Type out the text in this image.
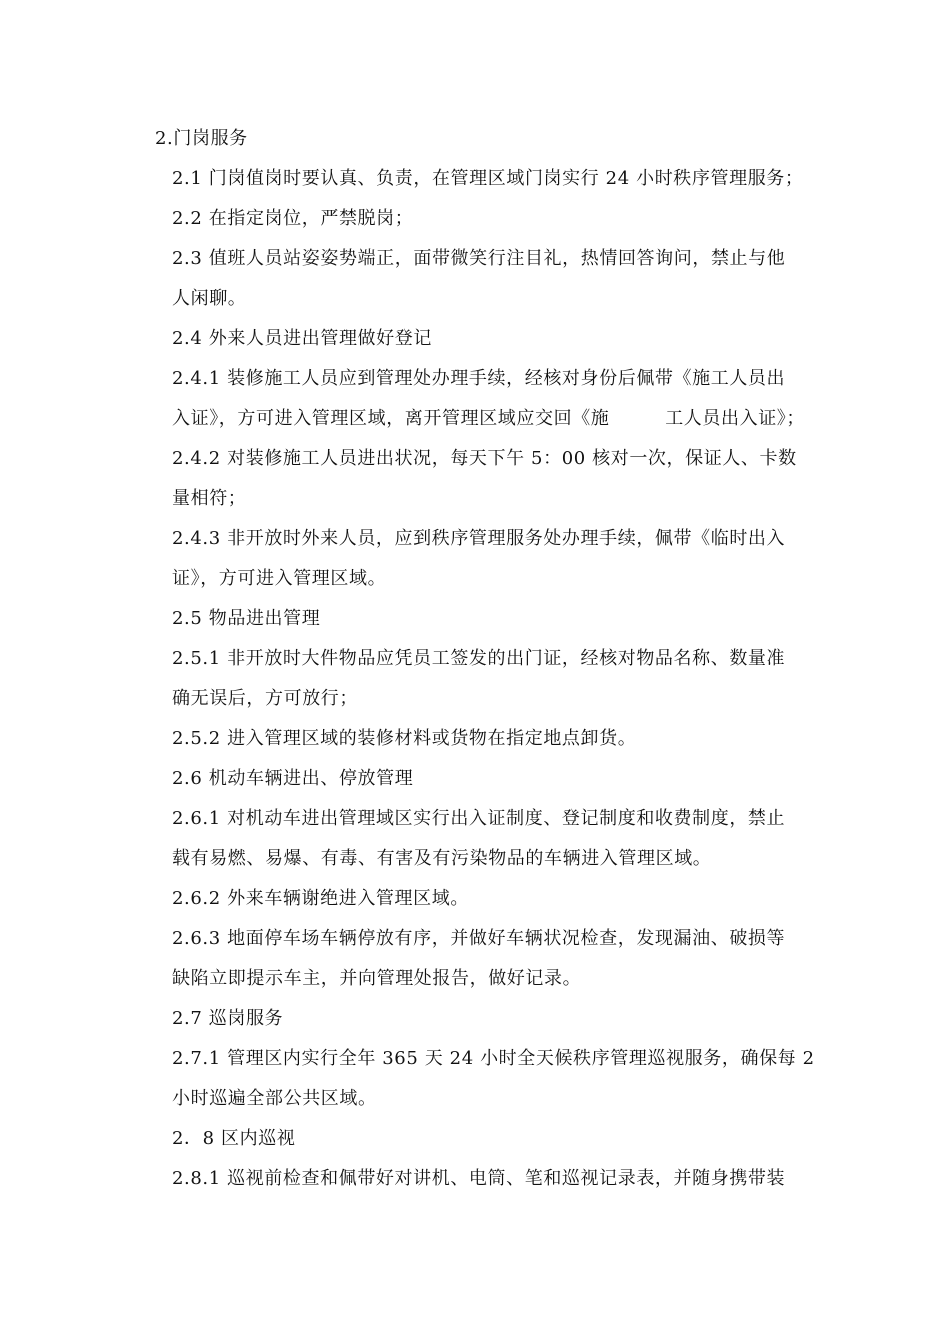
2.门岗服务
2.1 门岗值岗时要认真、负责，在管理区域门岗实行 24 小时秩序管理服务；
2.2 在指定岗位，严禁脱岗；
2.3 值班人员站姿姿势端正，面带微笑行注目礼，热情回答询问，禁止与他
人闲聊。
2.4 外来人员进出管理做好登记
2.4.1 装修施工人员应到管理处办理手续，经核对身份后佩带《施工人员出
入证》，方可进入管理区域，离开管理区域应交回《施　　　工人员出入证》；
2.4.2 对装修施工人员进出状况，每天下午 5：00 核对一次，保证人、卡数
量相符；
2.4.3 非开放时外来人员，应到秩序管理服务处办理手续，佩带《临时出入
证》，方可进入管理区域。
2.5 物品进出管理
2.5.1 非开放时大件物品应凭员工签发的出门证，经核对物品名称、数量准
确无误后，方可放行；
2.5.2 进入管理区域的装修材料或货物在指定地点卸货。
2.6 机动车辆进出、停放管理
2.6.1 对机动车进出管理域区实行出入证制度、登记制度和收费制度，禁止
载有易燃、易爆、有毒、有害及有污染物品的车辆进入管理区域。
2.6.2 外来车辆谢绝进入管理区域。
2.6.3 地面停车场车辆停放有序，并做好车辆状况检查，发现漏油、破损等
缺陷立即提示车主，并向管理处报告，做好记录。
2.7 巡岗服务
2.7.1 管理区内实行全年 365 天 24 小时全天候秩序管理巡视服务，确保每 2
小时巡遍全部公共区域。
2．8 区内巡视
2.8.1 巡视前检查和佩带好对讲机、电筒、笔和巡视记录表，并随身携带装
